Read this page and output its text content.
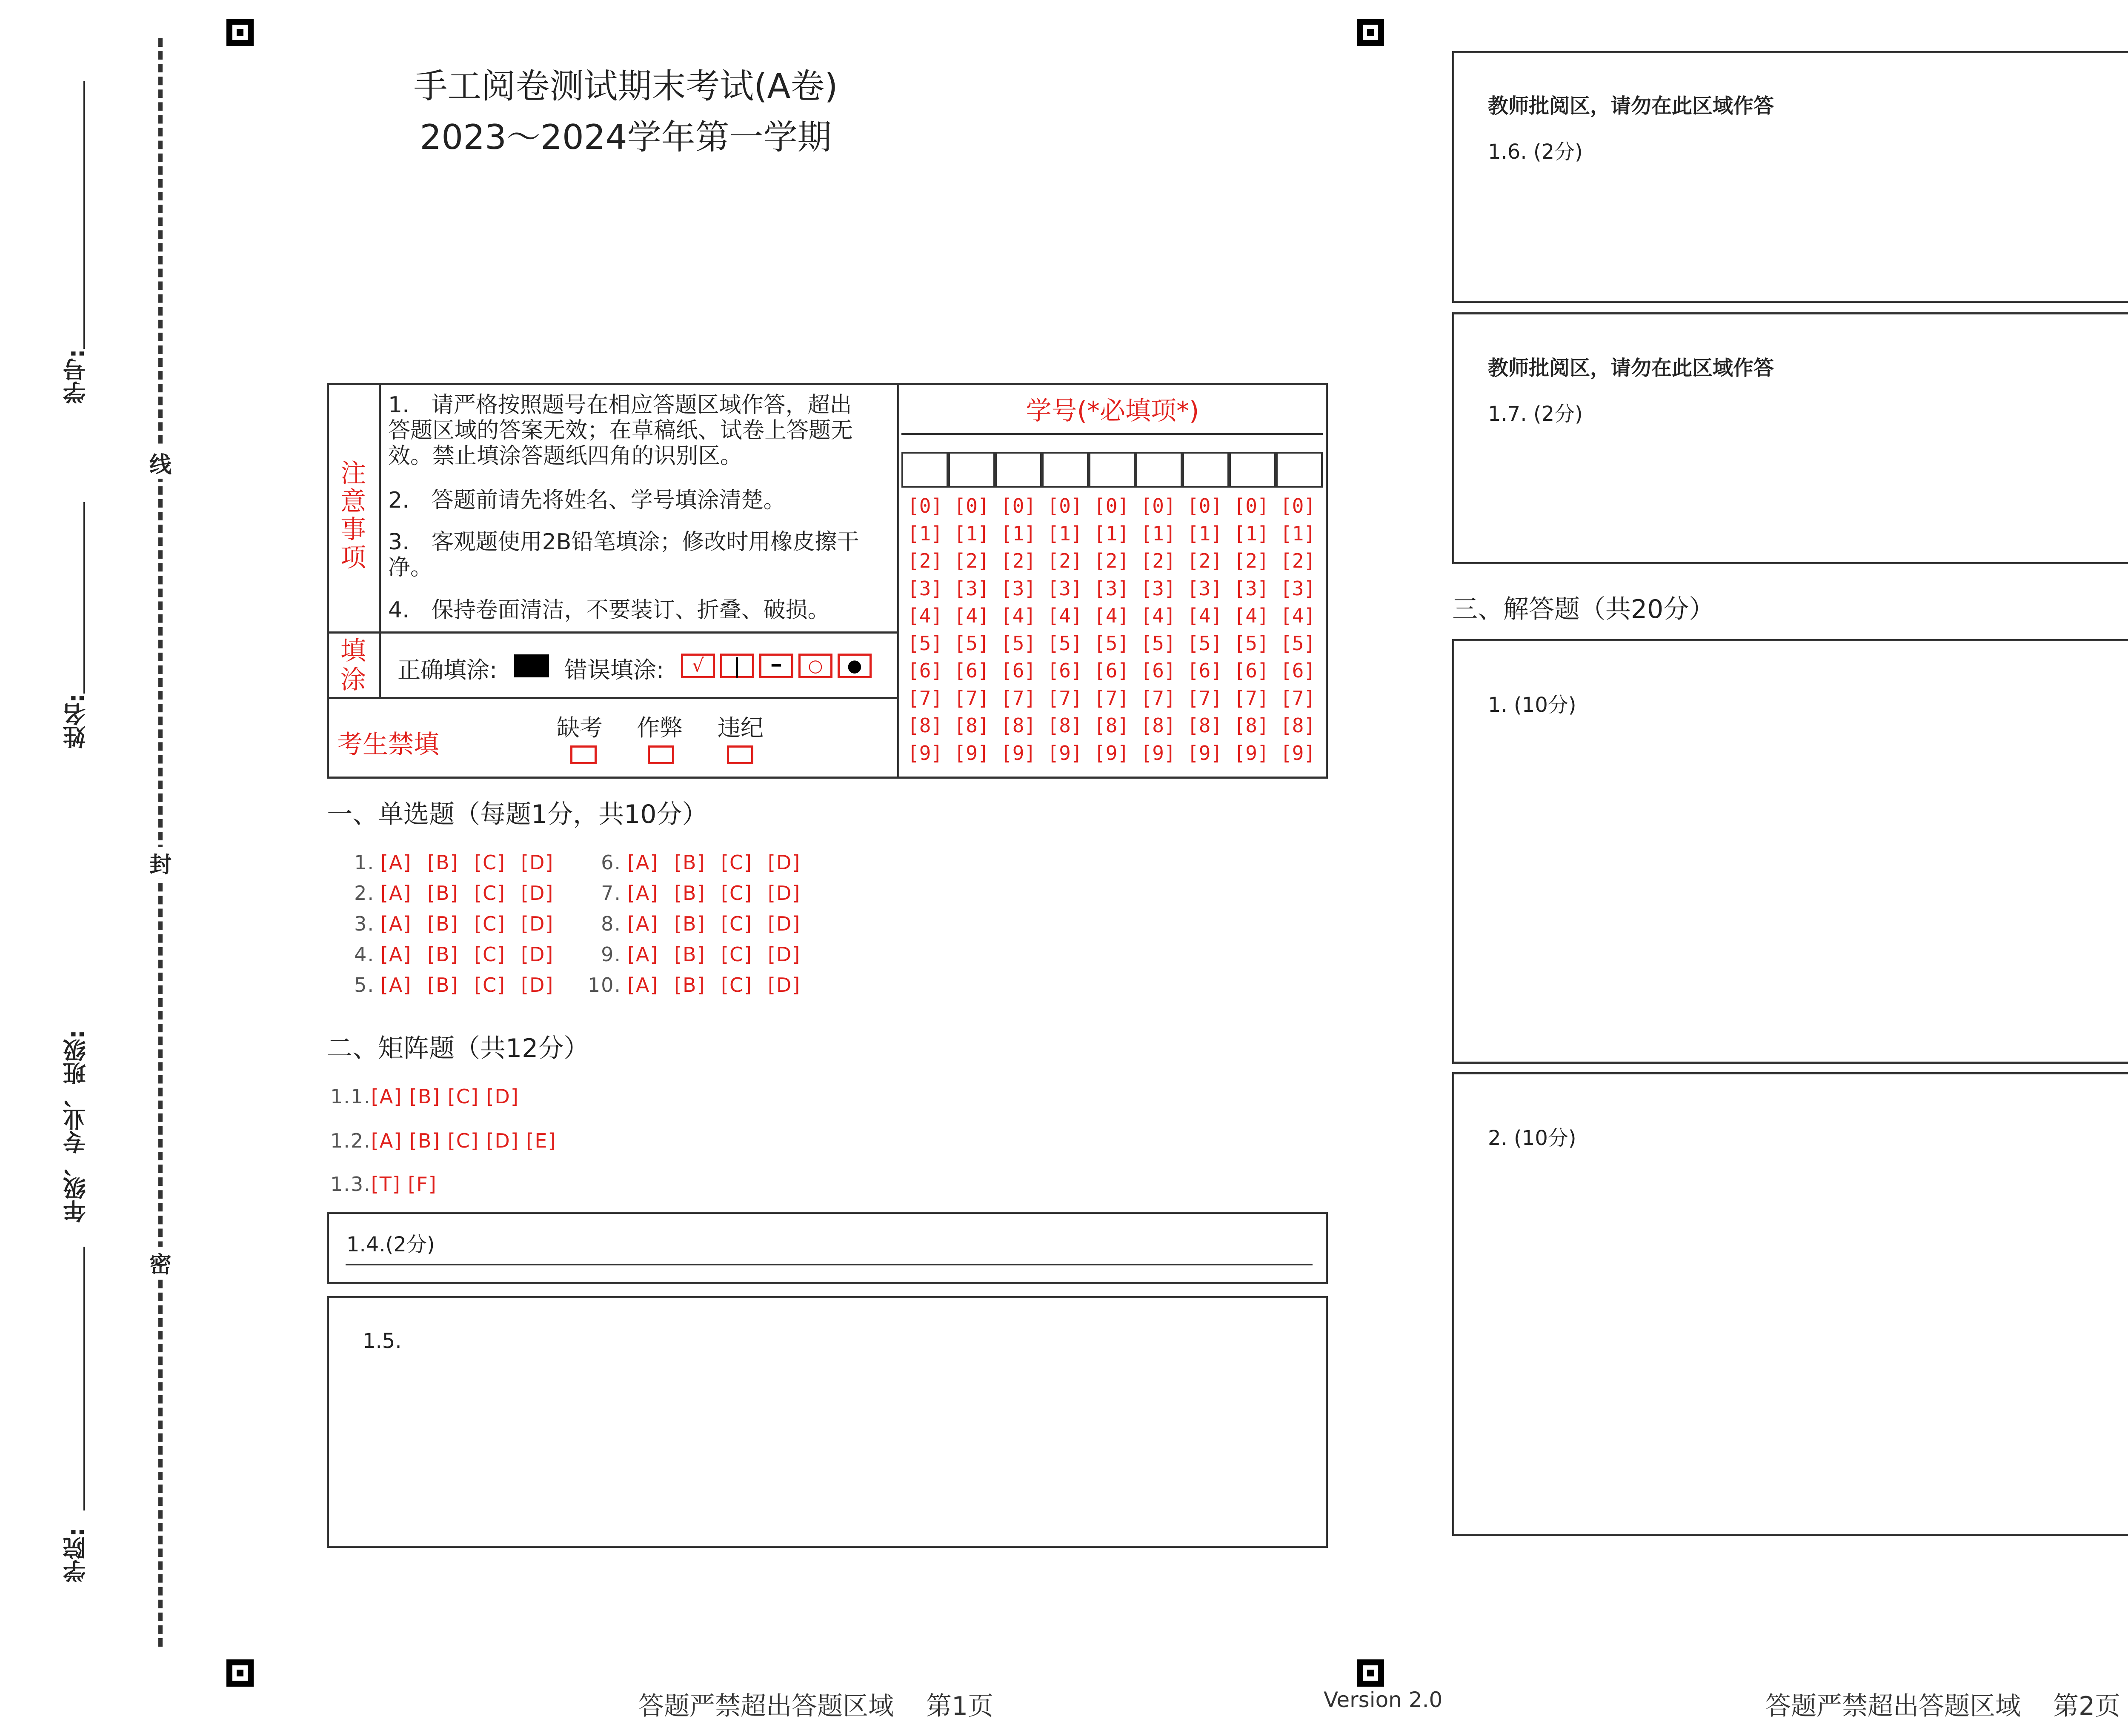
学号:
姓名:
年级、专业、班级:
学院:
线
封
密
手工阅卷测试期末考试(A卷)
2023～2024学年第一学期
注
意
事
项
1.　请严格按照题号在相应答题区域作答，超出答题区域的答案无效；在草稿纸、试卷上答题无效。禁止填涂答题纸四角的识别区。
2.　答题前请先将姓名、学号填涂清楚。
3.　客观题使用2B铅笔填涂；修改时用橡皮擦干净。
4.　保持卷面清洁，不要装订、折叠、破损。
填
涂 正确填涂:	错误填涂:	√	|	━	○	●
考生禁填
缺考 作弊 违纪
学号(*必填项*)
[0] [0] [0] [0] [0] [0] [0] [0] [0]
[1] [1] [1] [1] [1] [1] [1] [1] [1]
[2] [2] [2] [2] [2] [2] [2] [2] [2]
[3] [3] [3] [3] [3] [3] [3] [3] [3]
[4] [4] [4] [4] [4] [4] [4] [4] [4]
[5] [5] [5] [5] [5] [5] [5] [5] [5]
[6] [6] [6] [6] [6] [6] [6] [6] [6]
[7] [7] [7] [7] [7] [7] [7] [7] [7]
[8] [8] [8] [8] [8] [8] [8] [8] [8]
[9] [9] [9] [9] [9] [9] [9] [9] [9]
一、单选题（每题1分，共10分）
1. [A] [B] [C] [D]
2. [A] [B] [C] [D]
3. [A] [B] [C] [D]
4. [A] [B] [C] [D]
5. [A] [B] [C] [D]
6. [A] [B] [C] [D]
7. [A] [B] [C] [D]
8. [A] [B] [C] [D]
9. [A] [B] [C] [D]
10. [A] [B] [C] [D]
二、矩阵题（共12分）
1.1.[A] [B] [C] [D]
1.2.[A] [B] [C] [D] [E]
1.3.[T] [F]
1.4.(2分)
1.5.
教师批阅区，请勿在此区域作答
1.6. (2分)
教师批阅区，请勿在此区域作答
1.7. (2分)
三、解答题（共20分）
1. (10分)
2. (10分)
答题严禁超出答题区域 第1页	Version 2.0	答题严禁超出答题区域 第2页
